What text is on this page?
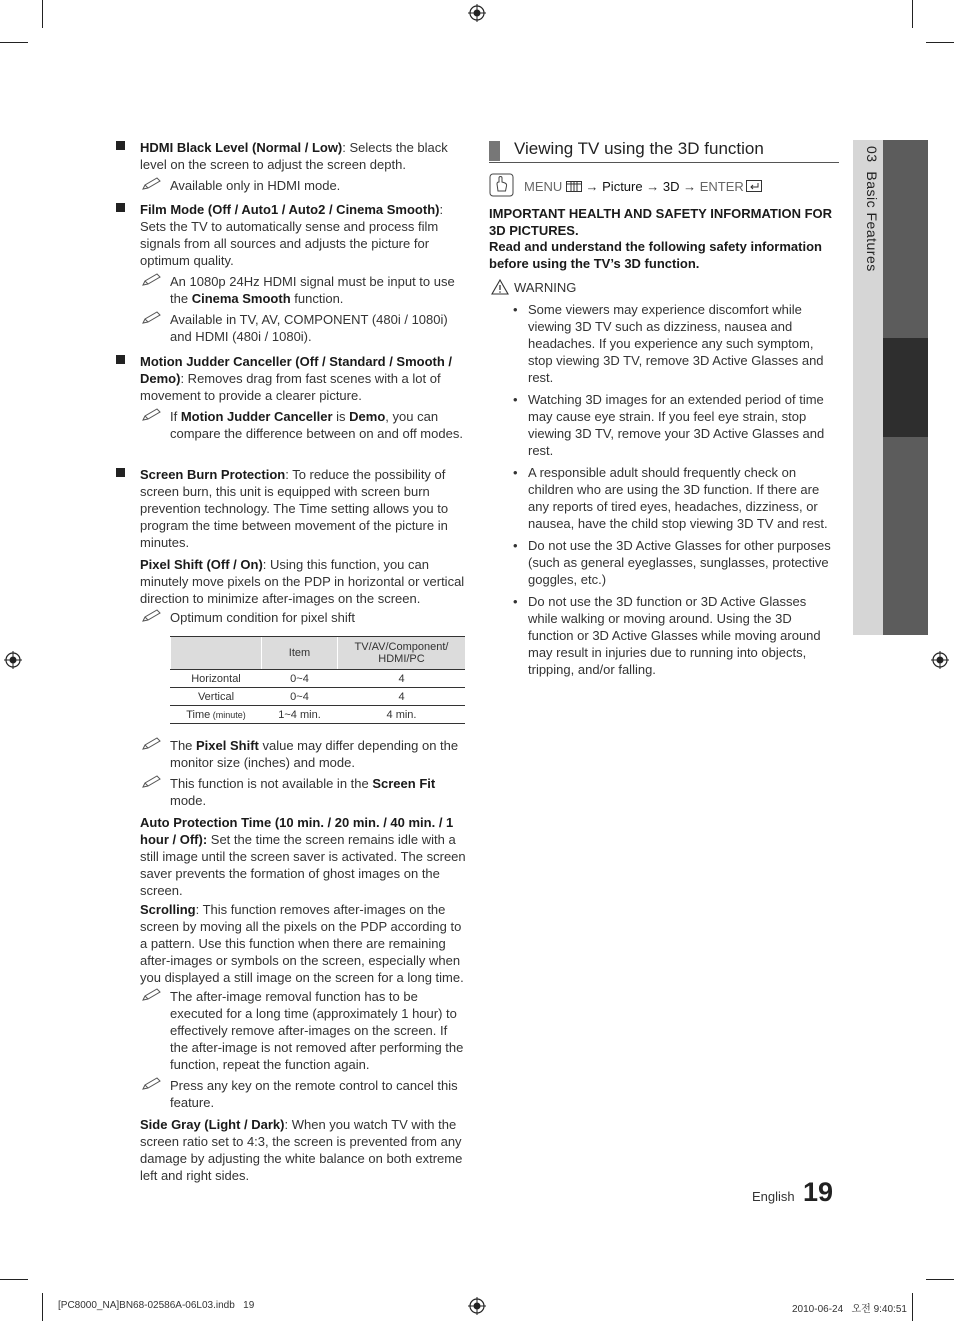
HDMI Black Level (Normal / Low): Selects the black level on the screen to adjust the screen depth.
Available only in HDMI mode.
Film Mode (Off / Auto1 / Auto2 / Cinema Smooth): Sets the TV to automatically sense and process film signals from all sources and adjusts the picture for optimum quality.
An 1080p 24Hz HDMI signal must be input to use the Cinema Smooth function.
Available in TV, AV, COMPONENT (480i / 1080i) and HDMI (480i / 1080i).
Motion Judder Canceller (Off / Standard / Smooth / Demo): Removes drag from fast scenes with a lot of movement to provide a clearer picture.
If Motion Judder Canceller is Demo, you can compare the difference between on and off modes.
Screen Burn Protection: To reduce the possibility of screen burn, this unit is equipped with screen burn prevention technology. The Time setting allows you to program the time between movement of the picture in minutes.
Pixel Shift (Off / On): Using this function, you can minutely move pixels on the PDP in horizontal or vertical direction to minimize after-images on the screen.
Optimum condition for pixel shift
	Item	TV/AV/Component/
HDMI/PC
Horizontal	0~4	4
Vertical	0~4	4
Time (minute)	1~4 min.	4 min.
The Pixel Shift value may differ depending on the monitor size (inches) and mode.
This function is not available in the Screen Fit mode.
Auto Protection Time (10 min. / 20 min. / 40 min. / 1 hour / Off): Set the time the screen remains idle with a still image until the screen saver is activated. The screen saver prevents the formation of ghost images on the screen.
Scrolling: This function removes after-images on the screen by moving all the pixels on the PDP according to a pattern. Use this function when there are remaining after-images or symbols on the screen, especially when you displayed a still image on the screen for a long time.
The after-image removal function has to be executed for a long time (approximately 1 hour) to effectively remove after-images on the screen. If the after-image is not removed after performing the function, repeat the function again.
Press any key on the remote control to cancel this feature.
Side Gray (Light / Dark): When you watch TV with the screen ratio set to 4:3, the screen is prevented from any damage by adjusting the white balance on both extreme left and right sides.
Viewing TV using the 3D function
MENU  → Picture → 3D → ENTER
IMPORTANT HEALTH AND SAFETY INFORMATION FOR 3D PICTURES.
Read and understand the following safety information before using the TV’s 3D function.
WARNING
• Some viewers may experience discomfort while viewing 3D TV such as dizziness, nausea and headaches. If you experience any such symptom, stop viewing 3D TV, remove 3D Active Glasses and rest.
• Watching 3D images for an extended period of time may cause eye strain. If you feel eye strain, stop viewing 3D TV, remove your 3D Active Glasses and rest.
• A responsible adult should frequently check on children who are using the 3D function. If there are any reports of tired eyes, headaches, dizziness, or nausea, have the child stop viewing 3D TV and rest.
• Do not use the 3D Active Glasses for other purposes (such as general eyeglasses, sunglasses, protective goggles, etc.)
• Do not use the 3D function or 3D Active Glasses while walking or moving around. Using the 3D function or 3D Active Glasses while moving around may result in injuries due to running into objects, tripping, and/or falling.
03  Basic Features
English 19
[PC8000_NA]BN68-02586A-06L03.indb   19	2010-06-24   오전 9:40:51
